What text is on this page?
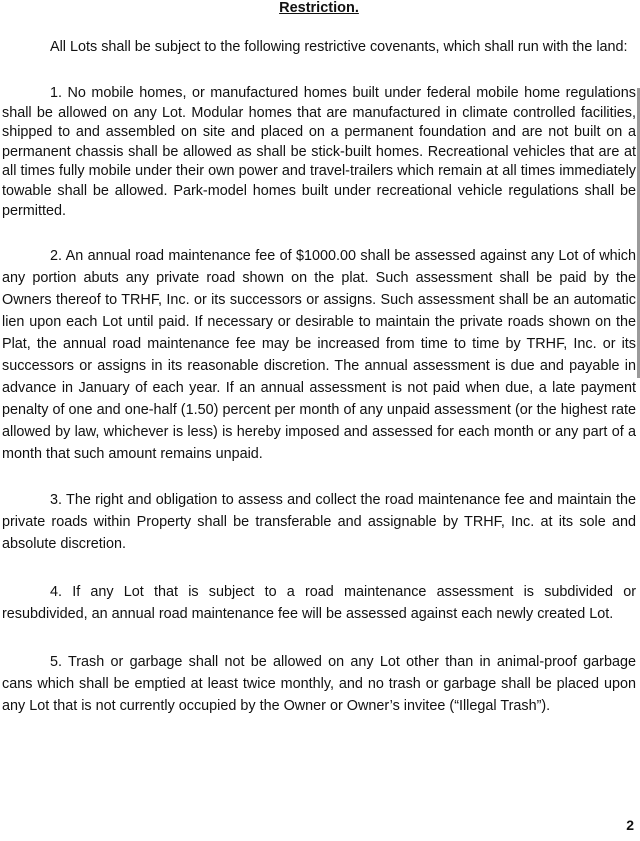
Restriction.

All Lots shall be subject to the following restrictive covenants, which shall run with the land:

1. No mobile homes, or manufactured homes built under federal mobile home regulations shall be allowed on any Lot. Modular homes that are manufactured in climate controlled facilities, shipped to and assembled on site and placed on a permanent foundation and are not built on a permanent chassis shall be allowed as shall be stick-built homes. Recreational vehicles that are at all times fully mobile under their own power and travel-trailers which remain at all times immediately towable shall be allowed. Park-model homes built under recreational vehicle regulations shall be permitted.

2. An annual road maintenance fee of $1000.00 shall be assessed against any Lot of which any portion abuts any private road shown on the plat. Such assessment shall be paid by the Owners thereof to TRHF, Inc. or its successors or assigns. Such assessment shall be an automatic lien upon each Lot until paid. If necessary or desirable to maintain the private roads shown on the Plat, the annual road maintenance fee may be increased from time to time by TRHF, Inc. or its successors or assigns in its reasonable discretion. The annual assessment is due and payable in advance in January of each year. If an annual assessment is not paid when due, a late payment penalty of one and one-half (1.50) percent per month of any unpaid assessment (or the highest rate allowed by law, whichever is less) is hereby imposed and assessed for each month or any part of a month that such amount remains unpaid.

3. The right and obligation to assess and collect the road maintenance fee and maintain the private roads within Property shall be transferable and assignable by TRHF, Inc. at its sole and absolute discretion.

4. If any Lot that is subject to a road maintenance assessment is subdivided or resubdivided, an annual road maintenance fee will be assessed against each newly created Lot.

5. Trash or garbage shall not be allowed on any Lot other than in animal-proof garbage cans which shall be emptied at least twice monthly, and no trash or garbage shall be placed upon any Lot that is not currently occupied by the Owner or Owner’s invitee (“Illegal Trash”).

2
